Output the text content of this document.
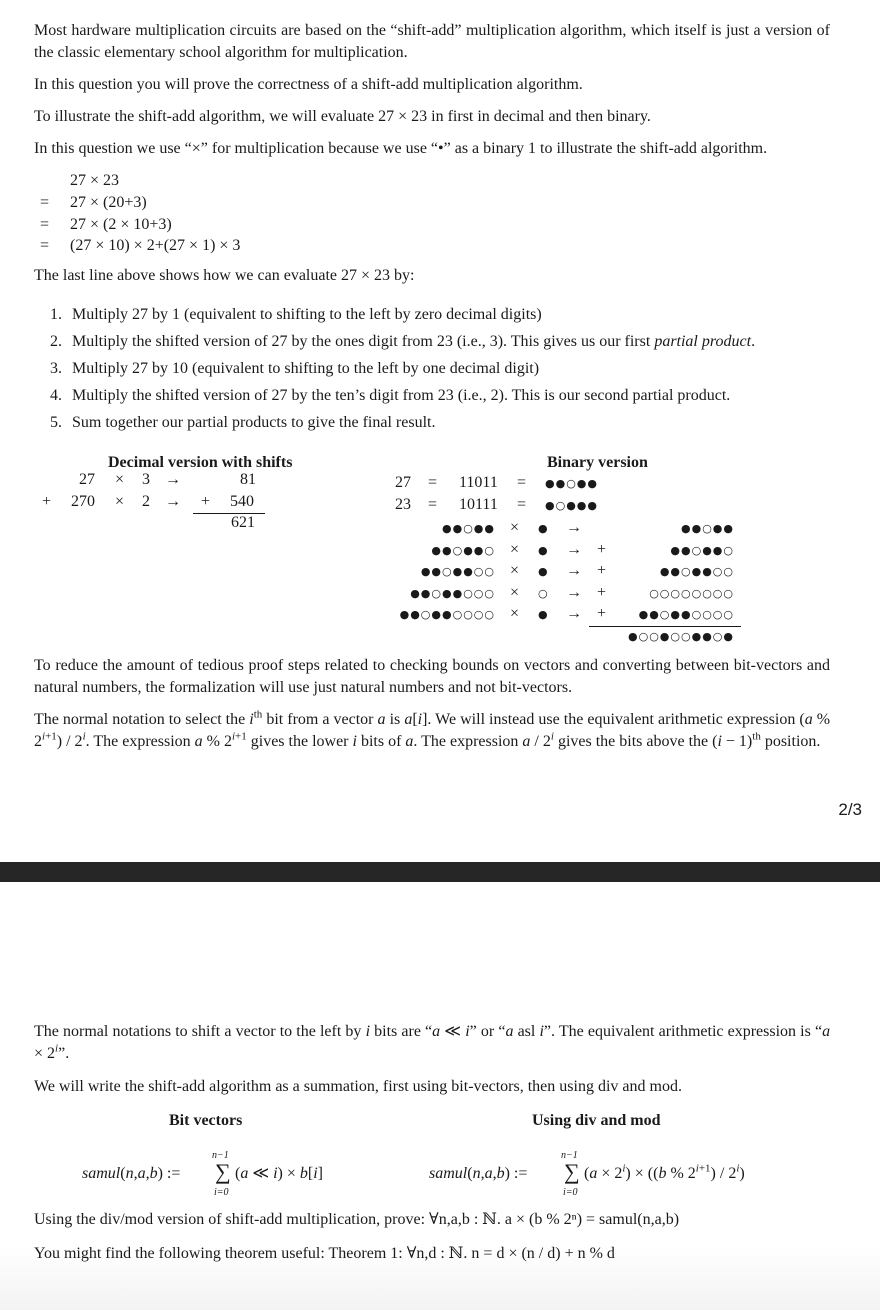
Most hardware multiplication circuits are based on the “shift-add” multiplication algorithm, which itself is just a version of the classic elementary school algorithm for multiplication.
In this question you will prove the correctness of a shift-add multiplication algorithm.
To illustrate the shift-add algorithm, we will evaluate 27 × 23 in first in decimal and then binary.
In this question we use “×” for multiplication because we use “•” as a binary 1 to illustrate the shift-add algorithm.
27 × 23
= 27 × (20+3)
= 27 × (2 × 10+3)
= (27 × 10) × 2+(27 × 1) × 3
The last line above shows how we can evaluate 27 × 23 by:
1. Multiply 27 by 1 (equivalent to shifting to the left by zero decimal digits)
2. Multiply the shifted version of 27 by the ones digit from 23 (i.e., 3). This gives us our first partial product.
3. Multiply 27 by 10 (equivalent to shifting to the left by one decimal digit)
4. Multiply the shifted version of 27 by the ten’s digit from 23 (i.e., 2). This is our second partial product.
5. Sum together our partial products to give the final result.
Decimal version with shifts
27 × 3 →	81
+ 270 × 2 → + 540
621
Binary version
27 = 11011 = ●●○●●
23 = 10111 = ●○●●●
●●○●● × ● →	●●○●●
●●○●●○ × ● → +	●●○●●○
●●○●●○○ × ● → +	●●○●●○○
●●○●●○○○ × ○ → +	○○○○○○○○
●●○●●○○○○ × ● → +	●●○●●○○○○
●○○●○○●●○●
To reduce the amount of tedious proof steps related to checking bounds on vectors and converting between bit-vectors and natural numbers, the formalization will use just natural numbers and not bit-vectors.
The normal notation to select the $i^{th}$ bit from a vector a is a[i]. We will instead use the equivalent arithmetic expression (a % $2^{i+1}) / 2^i$. The expression a % $2^{i+1}$ gives the lower i bits of a. The expression a / 2$^i$ gives the bits above the $(i - 1)^{th}$ position.
2/3
The normal notations to shift a vector to the left by i bits are “a ≪ i” or “a asl i”. The equivalent arithmetic expression is “$a \times 2^i$”.
We will write the shift-add algorithm as a summation, first using bit-vectors, then using div and mod.
Bit vectors	Using div and mod
samul(n,a,b) :=
n−1
∑
i=0
(a ≪ i) × b[i]	samul(n,a,b) :=
n−1
∑
i=0
$(a \times 2^i) \times ((b$ % $2^{i+1}) / 2^i$)
Using the div/mod version of shift-add multiplication, prove: ∀n,a,b : ℕ. a × (b % 2ⁿ) = samul(n,a,b)
You might find the following theorem useful: Theorem 1: ∀n,d : ℕ. n = d × (n / d) + n % d
